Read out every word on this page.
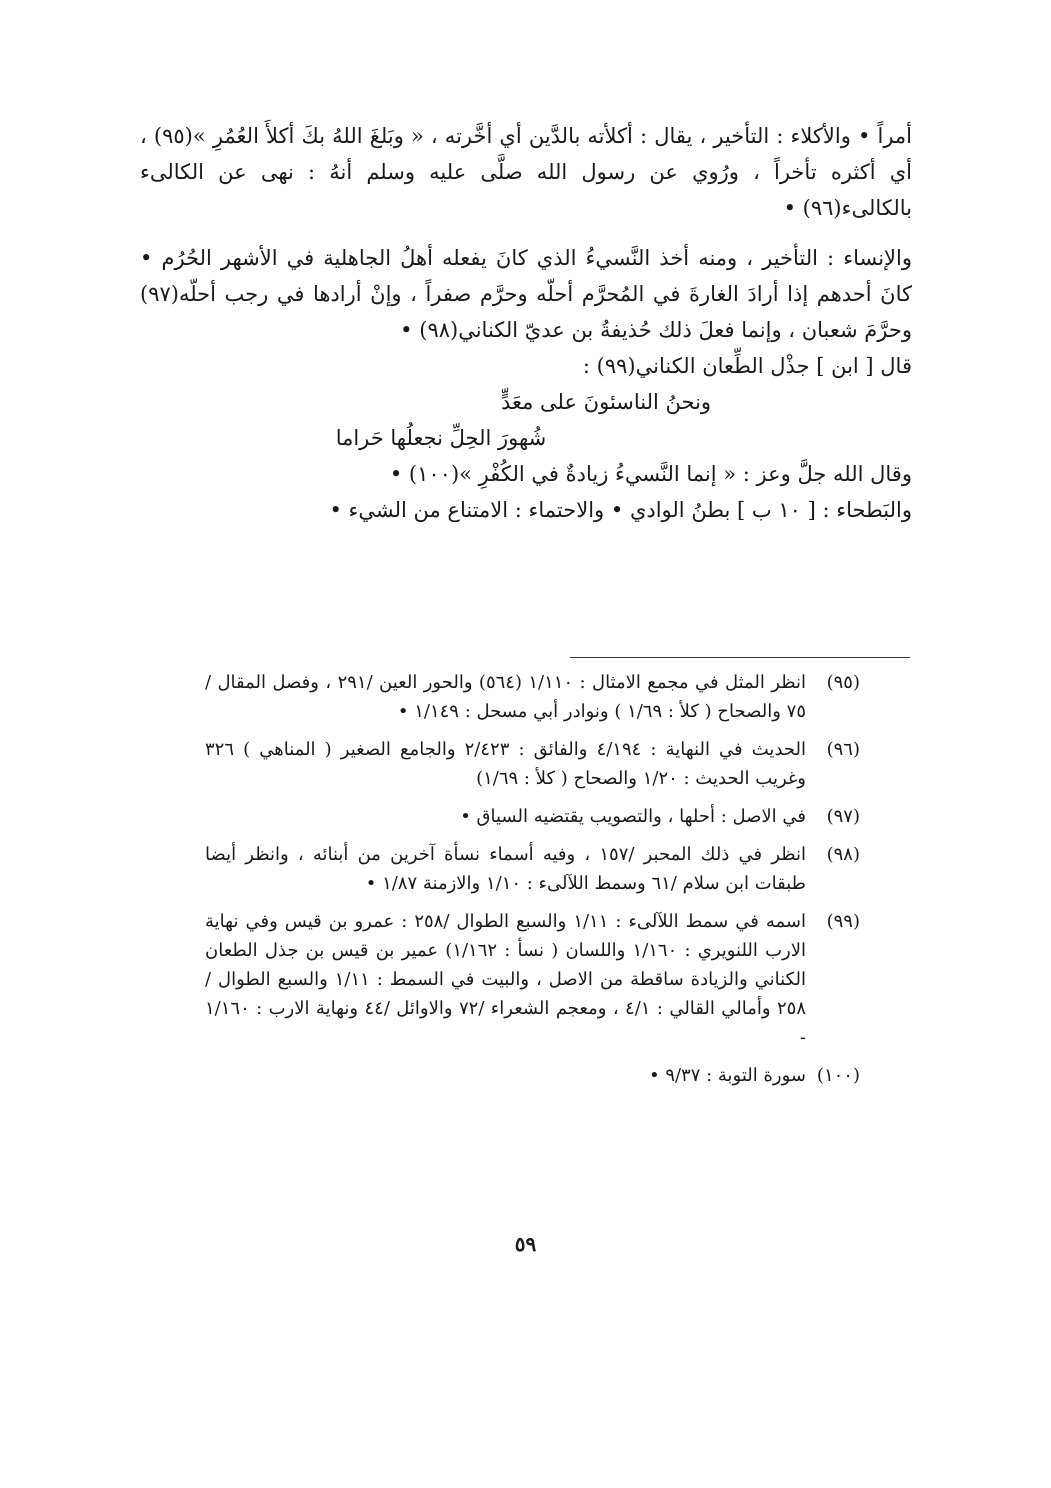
أمراً • والأكلاء : التأخير ، يقال : أكلأته بالدَّين أي أخَّرته ، « وبَلغَ اللهُ بكَ أكلأَ العُمُرِ »(٩٥) ، أي أكثره تأخراً ، ورُوي عن رسول الله صلَّى عليه وسلم أنهُ : نهى عن الكالىء بالكالىء(٩٦) •

والإنساء : التأخير ، ومنه أخذ النَّسيءُ الذي كانَ يفعله أهلُ الجاهلية في الأشهر الحُرُم • كانَ أحدهم إذا أرادَ الغارةَ في المُحرَّم أحلّه وحرَّم صفراً ، وإنْ أرادها في رجب أحلّه(٩٧) وحرَّمَ شعبان ، وإنما فعلَ ذلك حُذيفةُ بن عديّ الكناني(٩٨) •

قال [ ابن ] جذْل الطِّعان الكناني(٩٩) :

ونحنُ الناسئونَ على معَدٍّ

شُهورَ الحِلِّ نجعلُها حَراما

وقال الله جلَّ وعز : « إنما النَّسيءُ زيادةٌ في الكُفْرِ »(١٠٠) •

والبَطحاء : [ ١٠ ب ] بطنُ الوادي • والاحتماء : الامتناع من الشيء •

(٩٥)
انظر المثل في مجمع الامثال : ١/١١٠ (٥٦٤) والحور العين /٢٩١ ، وفصل المقال /٧٥ والصحاح ( كلأ : ١/٦٩ ) ونوادر أبي مسحل : ١/١٤٩ •
(٩٦)
الحديث في النهاية : ٤/١٩٤ والفائق : ٢/٤٢٣ والجامع الصغير ( المناهي ) ٣٢٦ وغريب الحديث : ١/٢٠ والصحاح ( كلأ : ١/٦٩)
(٩٧)
في الاصل : أحلها ، والتصويب يقتضيه السياق •
(٩٨)
انظر في ذلك المحبر /١٥٧ ، وفيه أسماء نسأة آخرين من أبنائه ، وانظر أيضا طبقات ابن سلام /٦١ وسمط اللآلىء : ١/١٠ والازمنة ١/٨٧ •
(٩٩)
اسمه في سمط اللآلىء : ١/١١ والسبع الطوال /٢٥٨ : عمرو بن قيس وفي نهاية الارب اللنويري : ١/١٦٠ واللسان ( نسأ : ١/١٦٢) عمير بن قيس بن جذل الطعان الكناني والزيادة ساقطة من الاصل ، والبيت في السمط : ١/١١ والسبع الطوال /٢٥٨ وأمالي القالي : ٤/١ ، ومعجم الشعراء /٧٢ والاوائل /٤٤ ونهاية الارب : ١/١٦٠ -
(١٠٠)
سورة التوبة : ٩/٣٧ •
٥٩
